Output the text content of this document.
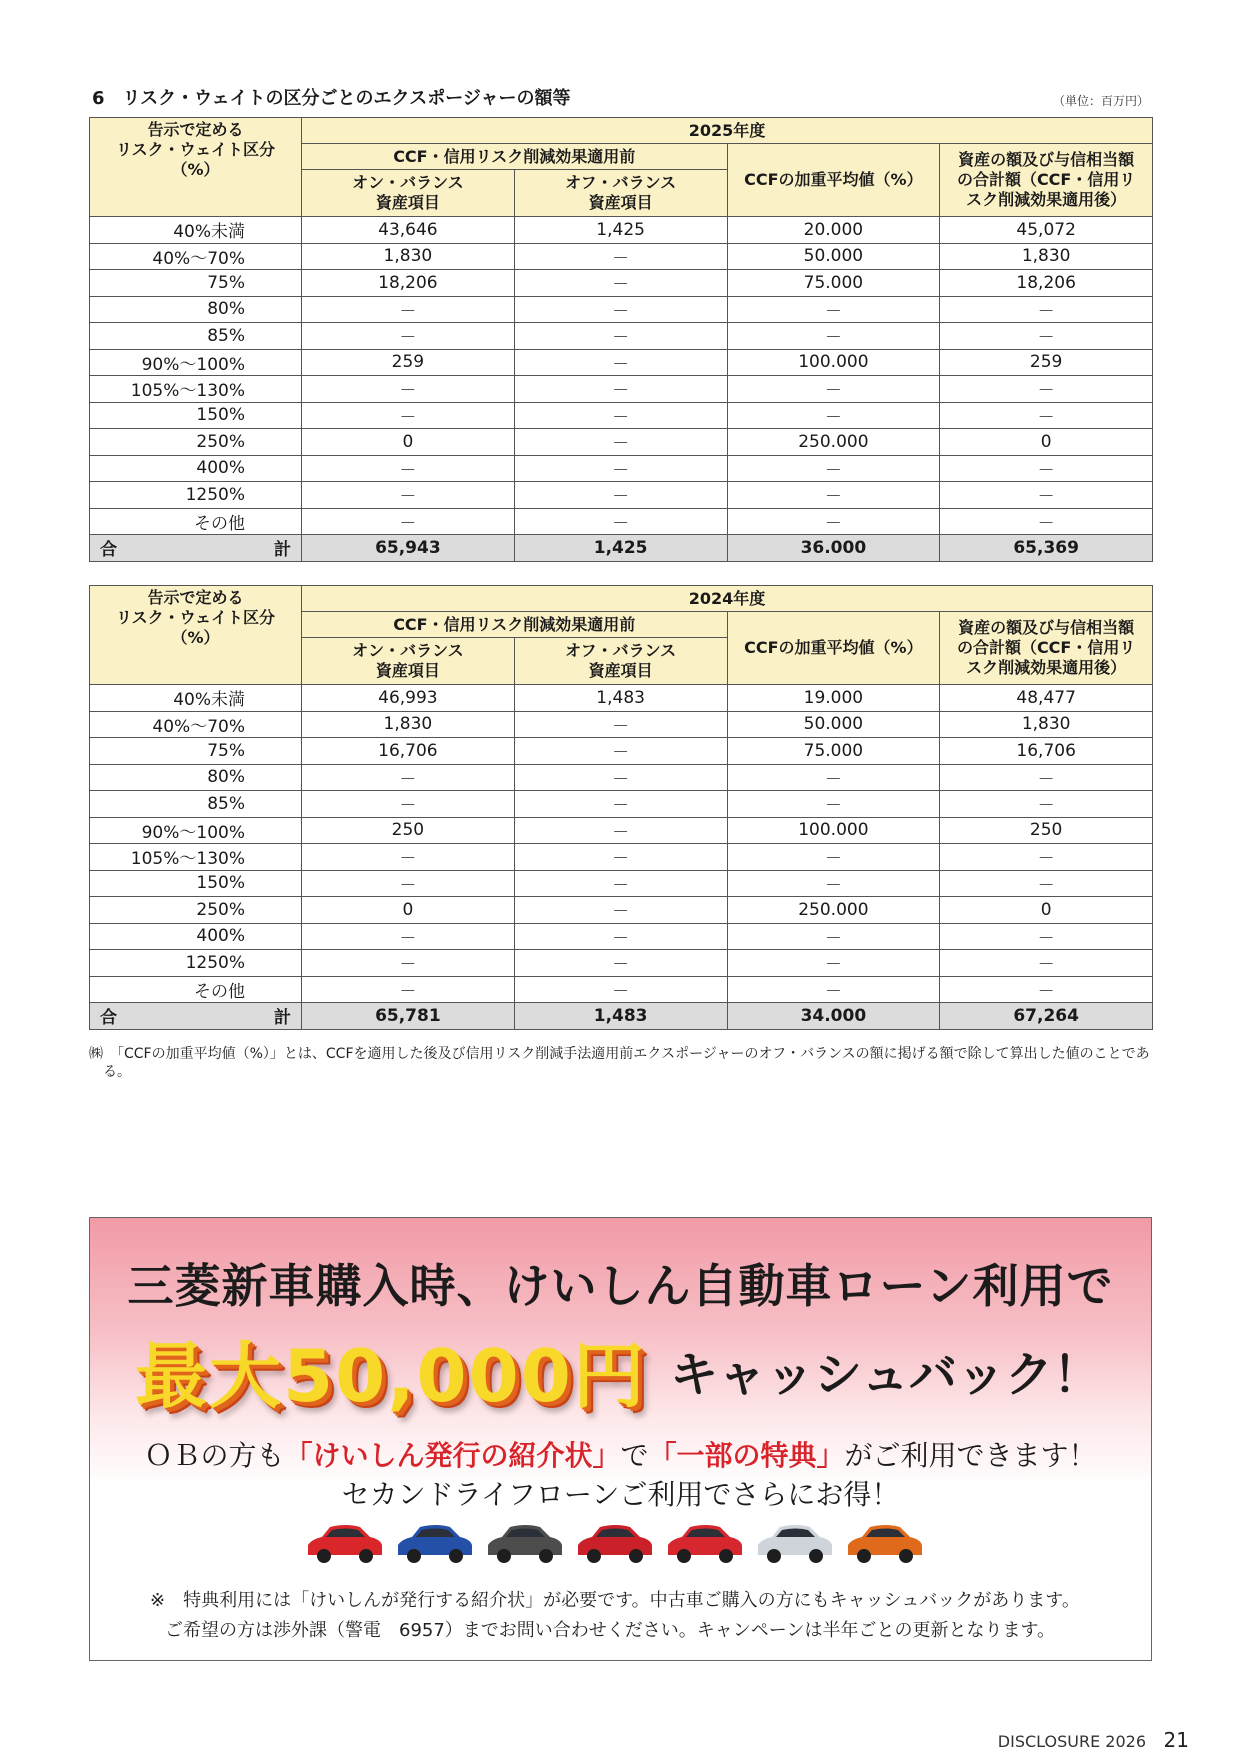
6　リスク・ウェイトの区分ごとのエクスポージャーの額等	（単位：百万円）
告示で定める
リスク・ウェイト区分
（%）	2025年度			
	CCF・信用リスク削減効果適用前		CCFの加重平均値（%）	資産の額及び与信相当額
の合計額（CCF・信用リ
スク削減効果適用後）
	オン・バランス
資産項目	オフ・バランス
資産項目		
40%未満	43,646	1,425	20.000	45,072
40%～70%	1,830	－	50.000	1,830
75%	18,206	－	75.000	18,206
80%	－	－	－	－
85%	－	－	－	－
90%～100%	259	－	100.000	259
105%～130%	－	－	－	－
150%	－	－	－	－
250%	0	－	250.000	0
400%	－	－	－	－
1250%	－	－	－	－
その他	－	－	－	－

合 計	65,943	1,425	36.000	65,369
告示で定める
リスク・ウェイト区分
（%）	2024年度			
	CCF・信用リスク削減効果適用前		CCFの加重平均値（%）	資産の額及び与信相当額
の合計額（CCF・信用リ
スク削減効果適用後）
	オン・バランス
資産項目	オフ・バランス
資産項目		
40%未満	46,993	1,483	19.000	48,477
40%～70%	1,830	－	50.000	1,830
75%	16,706	－	75.000	16,706
80%	－	－	－	－
85%	－	－	－	－
90%～100%	250	－	100.000	250
105%～130%	－	－	－	－
150%	－	－	－	－
250%	0	－	250.000	0
400%	－	－	－	－
1250%	－	－	－	－
その他	－	－	－	－

合 計	65,781	1,483	34.000	67,264
㈱　「CCFの加重平均値（%）」とは、CCFを適用した後及び信用リスク削減手法適用前エクスポージャーのオフ・バランスの額に掲げる額で除して算出した値のことである。
三菱新車購入時、けいしん自動車ローン利用で
最大50,000円 キャッシュバック！
ＯＢの方も「けいしん発行の紹介状」で「一部の特典」がご利用できます！
セカンドライフローンご利用でさらにお得！
※　特典利用には「けいしんが発行する紹介状」が必要です。中古車ご購入の方にもキャッシュバックがあります。
ご希望の方は渉外課（警電　6957）までお問い合わせください。キャンペーンは半年ごとの更新となります。
DISCLOSURE 2026 21
